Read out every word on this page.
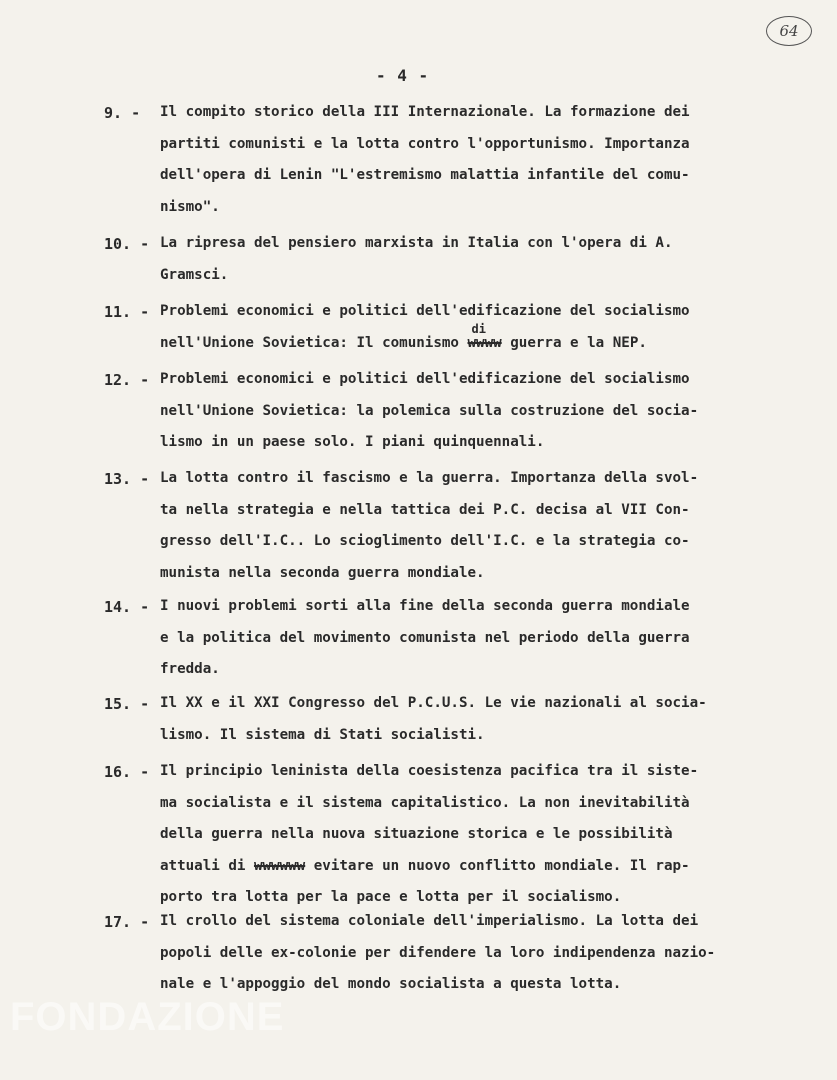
64
- 4 -
9. -	Il compito storico della III Internazionale. La formazione dei
partiti comunisti e la lotta contro l'opportunismo. Importanza
dell'opera di Lenin "L'estremismo malattia infantile del comu-
nismo".
10. - La ripresa del pensiero marxista in Italia con l'opera di A.
Gramsci.
11. - Problemi economici e politici dell'edificazione del socialismo
nell'Unione Sovietica: Il comunismo
di
wwww guerra e la NEP.
12. - Problemi economici e politici dell'edificazione del socialismo
nell'Unione Sovietica: la polemica sulla costruzione del socia-
lismo in un paese solo. I piani quinquennali.
13. - La lotta contro il fascismo e la guerra. Importanza della svol-
ta nella strategia e nella tattica dei P.C. decisa al VII Con-
gresso dell'I.C.. Lo scioglimento dell'I.C. e la strategia co-
munista nella seconda guerra mondiale.
14. - I nuovi problemi sorti alla fine della seconda guerra mondiale
e la politica del movimento comunista nel periodo della guerra
fredda.
15. - Il XX e il XXI Congresso del P.C.U.S. Le vie nazionali al socia-
lismo. Il sistema di Stati socialisti.
16. - Il principio leninista della coesistenza pacifica tra il siste-
ma socialista e il sistema capitalistico. La non inevitabilità
della guerra nella nuova situazione storica e le possibilità
attuali di wwwwww evitare un nuovo conflitto mondiale. Il rap-
porto tra lotta per la pace e lotta per il socialismo.
17. - Il crollo del sistema coloniale dell'imperialismo. La lotta dei
popoli delle ex-colonie per difendere la loro indipendenza nazio-
nale e l'appoggio del mondo socialista a questa lotta.
FONDAZIONE
